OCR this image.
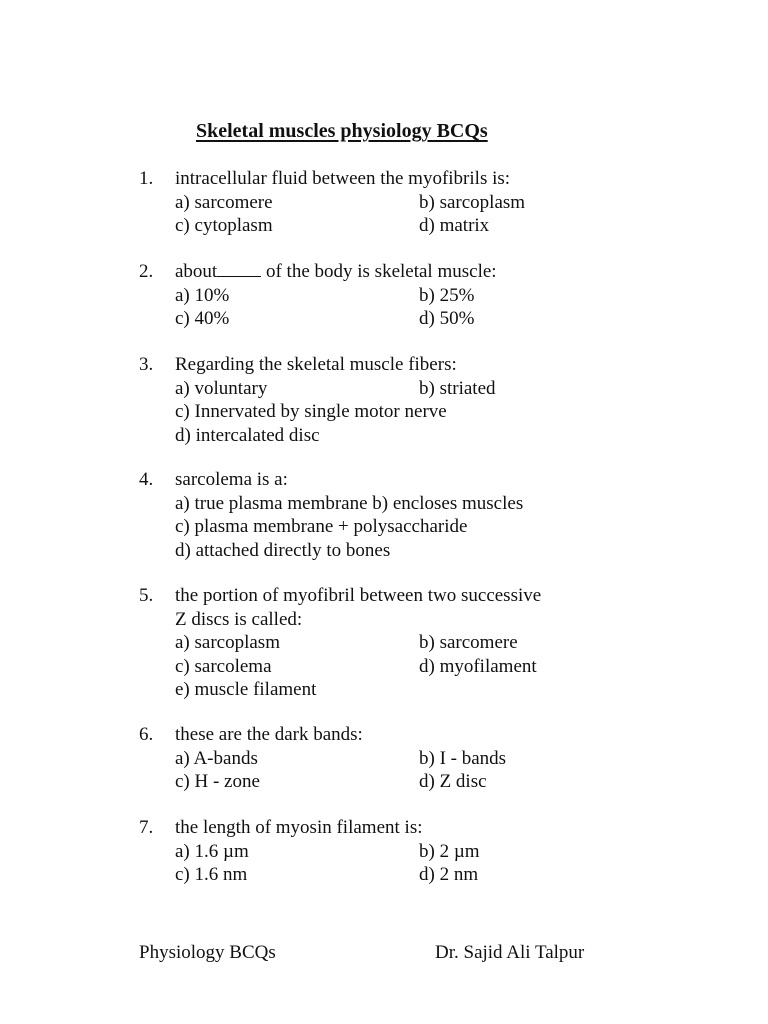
Skeletal muscles physiology BCQs
1. intracellular fluid between the myofibrils is:
a) sarcomere	b) sarcoplasm
c) cytoplasm	d) matrix
2. about of the body is skeletal muscle:
a) 10%	b) 25%
c) 40%	d) 50%
3. Regarding the skeletal muscle fibers:
a) voluntary	b) striated
c) Innervated by single motor nerve
d) intercalated disc
4. sarcolema is a:
a) true plasma membrane b) encloses muscles
c) plasma membrane + polysaccharide
d) attached directly to bones
5. the portion of myofibril between two successive
Z discs is called:
a) sarcoplasm	b) sarcomere
c) sarcolema	d) myofilament
e) muscle filament
6. these are the dark bands:
a) A-bands	b) I - bands
c) H - zone	d) Z disc
7. the length of myosin filament is:
a) 1.6 µm	b) 2 µm
c) 1.6 nm	d) 2 nm
Physiology BCQs	Dr. Sajid Ali Talpur
